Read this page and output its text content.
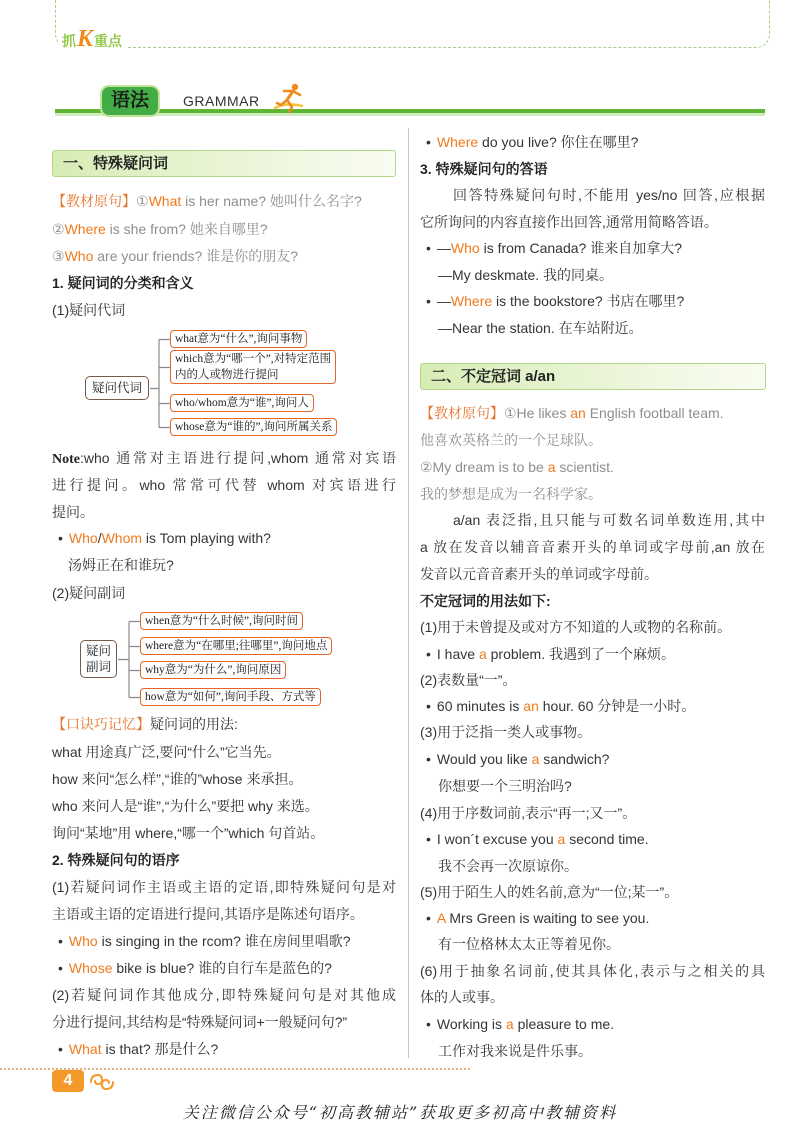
抓K重点
语法	GRAMMAR
一、特殊疑问词
【教材原句】①What is her name? 她叫什么名字?
②Where is she from? 她来自哪里?
③Who are your friends? 谁是你的朋友?
1. 疑问词的分类和含义
(1)疑问代词
疑问代词
what意为“什么”,询问事物
which意为“哪一个”,对特定范围
内的人或物进行提问
who/whom意为“谁”,询问人
whose意为“谁的”,询问所属关系
Note:who 通常对主语进行提问,whom 通常对宾语
进行提问。who 常常可代替 whom 对宾语进行
提问。
• Who/Whom is Tom playing with?
汤姆正在和谁玩?
(2)疑问副词
疑问
副词
when意为“什么时候”,询问时间
where意为“在哪里;往哪里”,询问地点
why意为“为什么”,询问原因
how意为“如何”,询问手段、方式等
【口诀巧记忆】疑问词的用法:
what 用途真广泛,要问“什么”它当先。
how 来问“怎么样”,“谁的”whose 来承担。
who 来问人是“谁”,“为什么”要把 why 来选。
询问“某地”用 where,“哪一个”which 句首站。
2. 特殊疑问句的语序
(1)若疑问词作主语或主语的定语,即特殊疑问句是对
主语或主语的定语进行提问,其语序是陈述句语序。
• Who is singing in the rcom? 谁在房间里唱歌?
• Whose bike is blue? 谁的自行车是蓝色的?
(2)若疑问词作其他成分,即特殊疑问句是对其他成
分进行提问,其结构是“特殊疑问词+一般疑问句?”
• What is that? 那是什么?
• Where do you live? 你住在哪里?
3. 特殊疑问句的答语
回答特殊疑问句时,不能用 yes/no 回答,应根据
它所询问的内容直接作出回答,通常用简略答语。
• —Who is from Canada? 谁来自加拿大?
—My deskmate. 我的同桌。
• —Where is the bookstore? 书店在哪里?
—Near the station. 在车站附近。
二、不定冠词 a/an
【教材原句】①He likes an English football team.
他喜欢英格兰的一个足球队。
②My dream is to be a scientist.
我的梦想是成为一名科学家。
a/an 表泛指,且只能与可数名词单数连用,其中
a 放在发音以辅音音素开头的单词或字母前,an 放在
发音以元音音素开头的单词或字母前。
不定冠词的用法如下:
(1)用于未曾提及或对方不知道的人或物的名称前。
• I have a problem. 我遇到了一个麻烦。
(2)表数量“一”。
• 60 minutes is an hour. 60 分钟是一小时。
(3)用于泛指一类人或事物。
• Would you like a sandwich?
你想要一个三明治吗?
(4)用于序数词前,表示“再一;又一”。
• I won´t excuse you a second time.
我不会再一次原谅你。
(5)用于陌生人的姓名前,意为“一位;某一”。
• A Mrs Green is waiting to see you.
有一位格林太太正等着见你。
(6)用于抽象名词前,使其具体化,表示与之相关的具
体的人或事。
• Working is a pleasure to me.
工作对我来说是件乐事。
4
关注微信公众号“初高教辅站”获取更多初高中教辅资料
